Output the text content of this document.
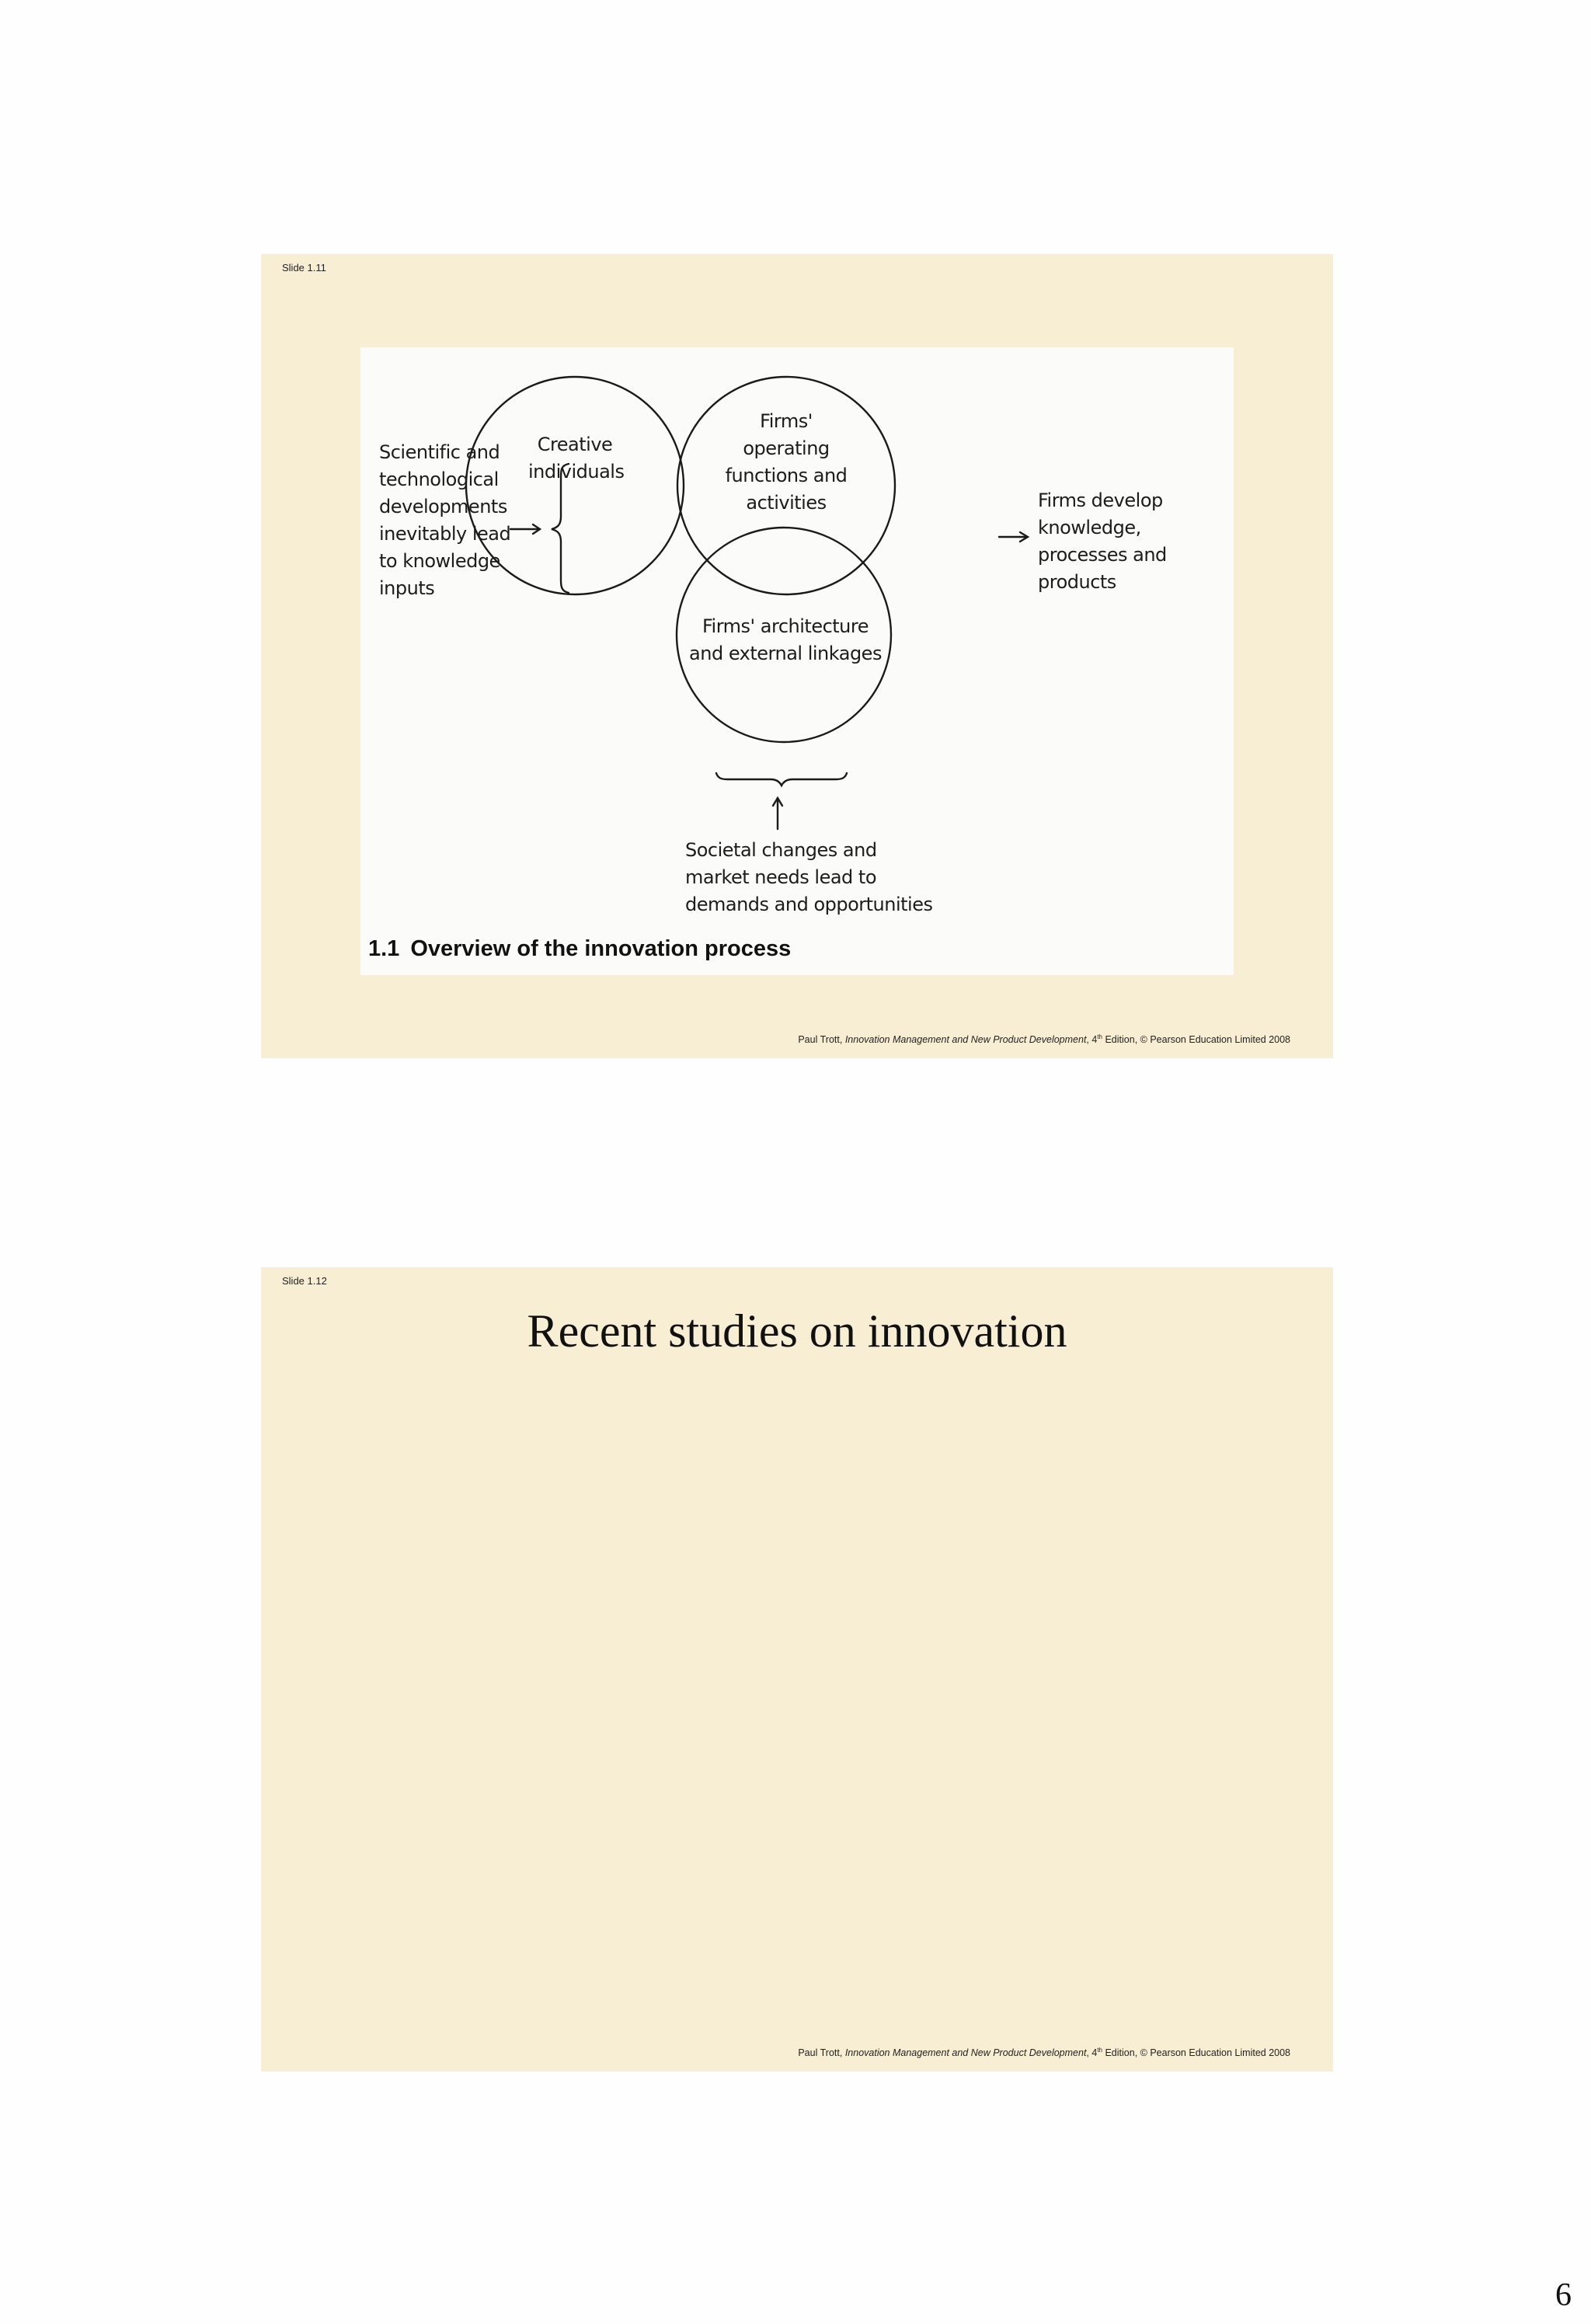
Slide 1.11
Creative
individuals
Firms'
operating
functions and
activities
Firms' architecture
and external linkages
Scientific and
technological
developments
inevitably lead
to knowledge
inputs
Firms develop
knowledge,
processes and
products
Societal changes and
market needs lead to
demands and opportunities
1.1 Overview of the innovation process
Paul Trott, Innovation Management and New Product Development, 4th Edition, © Pearson Education Limited 2008
Slide 1.12
Recent studies on innovation
Paul Trott, Innovation Management and New Product Development, 4th Edition, © Pearson Education Limited 2008
6
